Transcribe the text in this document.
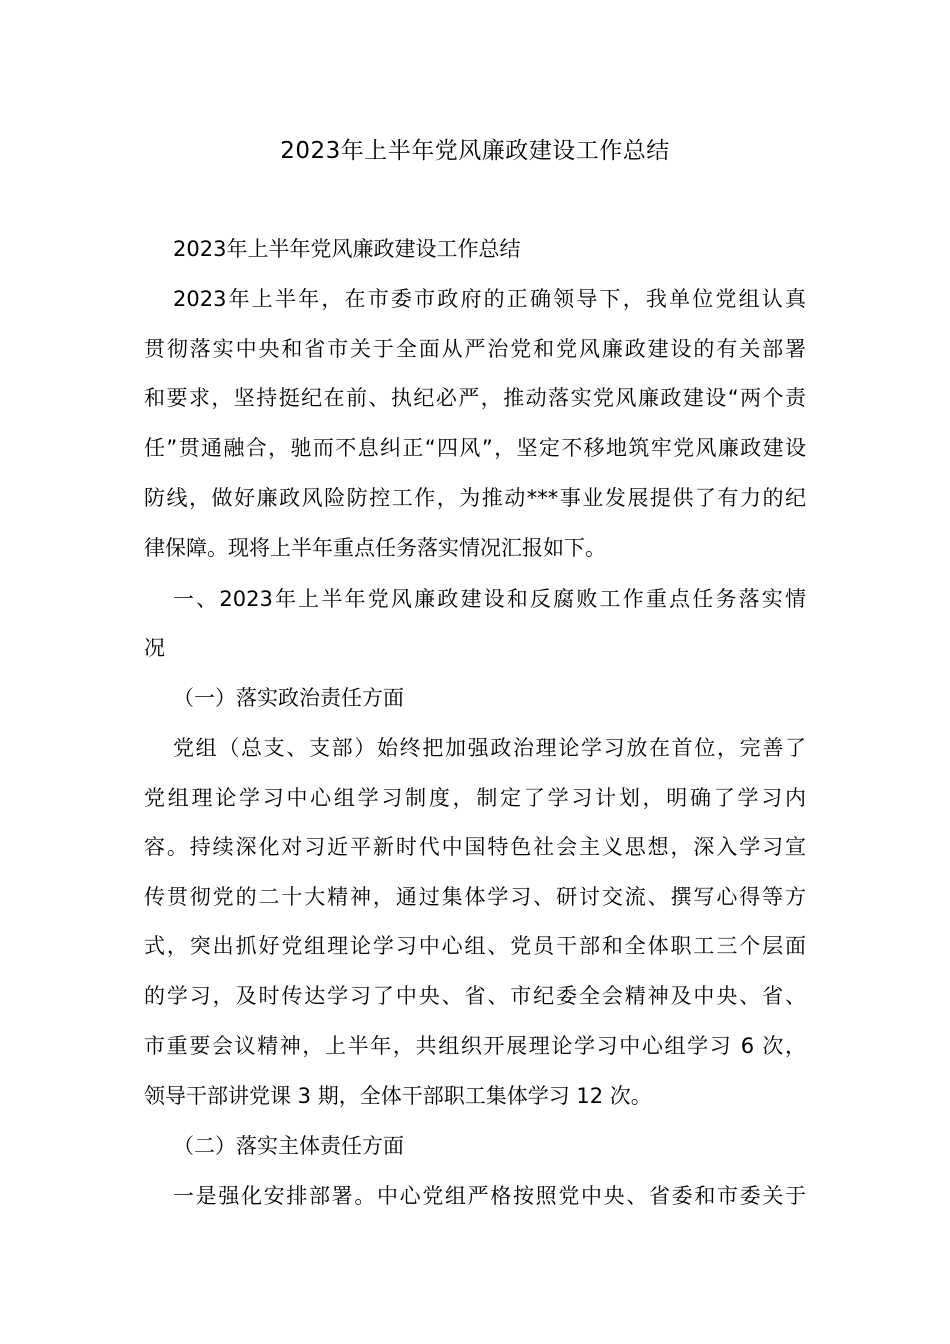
2023年上半年党风廉政建设工作总结
2023年上半年党风廉政建设工作总结
2023年上半年，在市委市政府的正确领导下，我单位党组认真
贯彻落实中央和省市关于全面从严治党和党风廉政建设的有关部署
和要求，坚持挺纪在前、执纪必严，推动落实党风廉政建设“两个责
任”贯通融合，驰而不息纠正“四风”，坚定不移地筑牢党风廉政建设
防线，做好廉政风险防控工作，为推动***事业发展提供了有力的纪
律保障。现将上半年重点任务落实情况汇报如下。
一、2023年上半年党风廉政建设和反腐败工作重点任务落实情
况
（一）落实政治责任方面
党组（总支、支部）始终把加强政治理论学习放在首位，完善了
党组理论学习中心组学习制度，制定了学习计划，明确了学习内
容。持续深化对习近平新时代中国特色社会主义思想，深入学习宣
传贯彻党的二十大精神，通过集体学习、研讨交流、撰写心得等方
式，突出抓好党组理论学习中心组、党员干部和全体职工三个层面
的学习，及时传达学习了中央、省、市纪委全会精神及中央、省、
市重要会议精神，上半年，共组织开展理论学习中心组学习 6 次，
领导干部讲党课 3 期，全体干部职工集体学习 12 次。
（二）落实主体责任方面
一是强化安排部署。中心党组严格按照党中央、省委和市委关于
